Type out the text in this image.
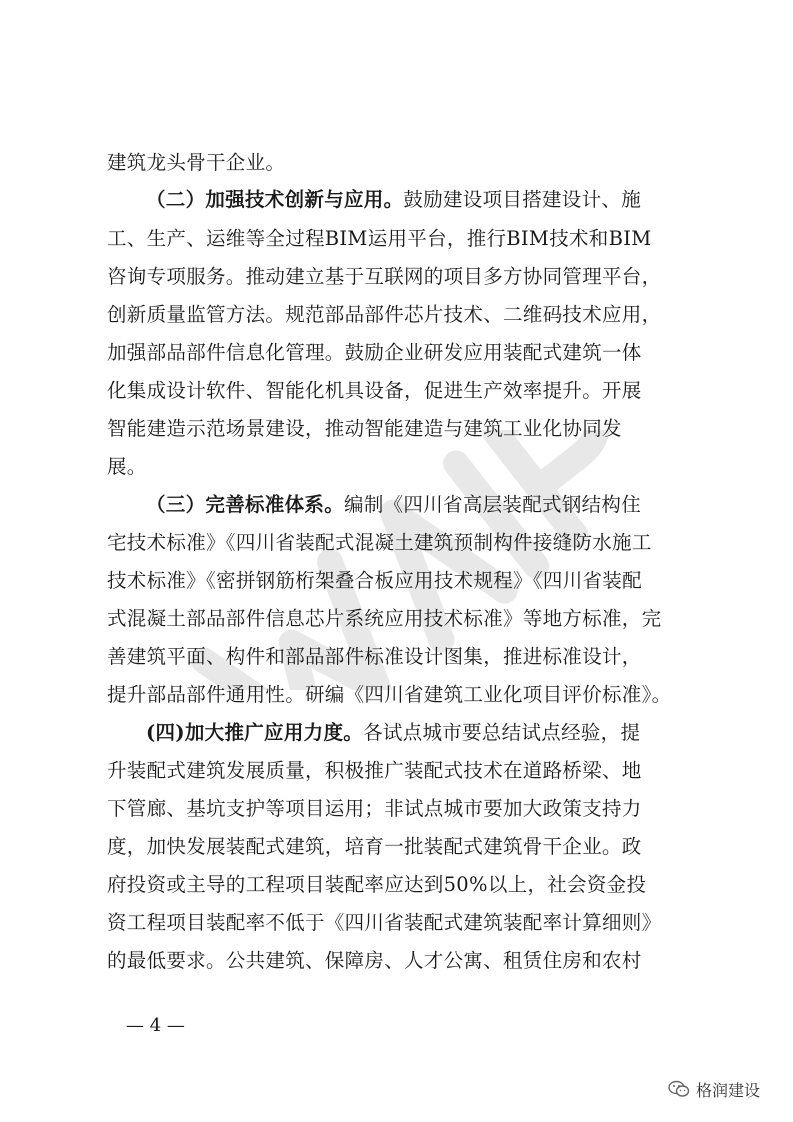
建筑龙头骨干企业。
（二）加强技术创新与应用。鼓励建设项目搭建设计、施
工、生产、运维等全过程BIM运用平台，推行BIM技术和BIM
咨询专项服务。推动建立基于互联网的项目多方协同管理平台，
创新质量监管方法。规范部品部件芯片技术、二维码技术应用，
加强部品部件信息化管理。鼓励企业研发应用装配式建筑一体
化集成设计软件、智能化机具设备，促进生产效率提升。开展
智能建造示范场景建设，推动智能建造与建筑工业化协同发
展。
（三）完善标准体系。编制《四川省高层装配式钢结构住
宅技术标准》《四川省装配式混凝土建筑预制构件接缝防水施工
技术标准》《密拼钢筋桁架叠合板应用技术规程》《四川省装配
式混凝土部品部件信息芯片系统应用技术标准》等地方标准，完
善建筑平面、构件和部品部件标准设计图集，推进标准设计，
提升部品部件通用性。研编《四川省建筑工业化项目评价标准》。
(四)加大推广应用力度。各试点城市要总结试点经验，提
升装配式建筑发展质量，积极推广装配式技术在道路桥梁、地
下管廊、基坑支护等项目运用；非试点城市要加大政策支持力
度，加快发展装配式建筑，培育一批装配式建筑骨干企业。政
府投资或主导的工程项目装配率应达到50%以上，社会资金投
资工程项目装配率不低于《四川省装配式建筑装配率计算细则》
的最低要求。公共建筑、保障房、人才公寓、租赁住房和农村
— 4 —
格润建设
